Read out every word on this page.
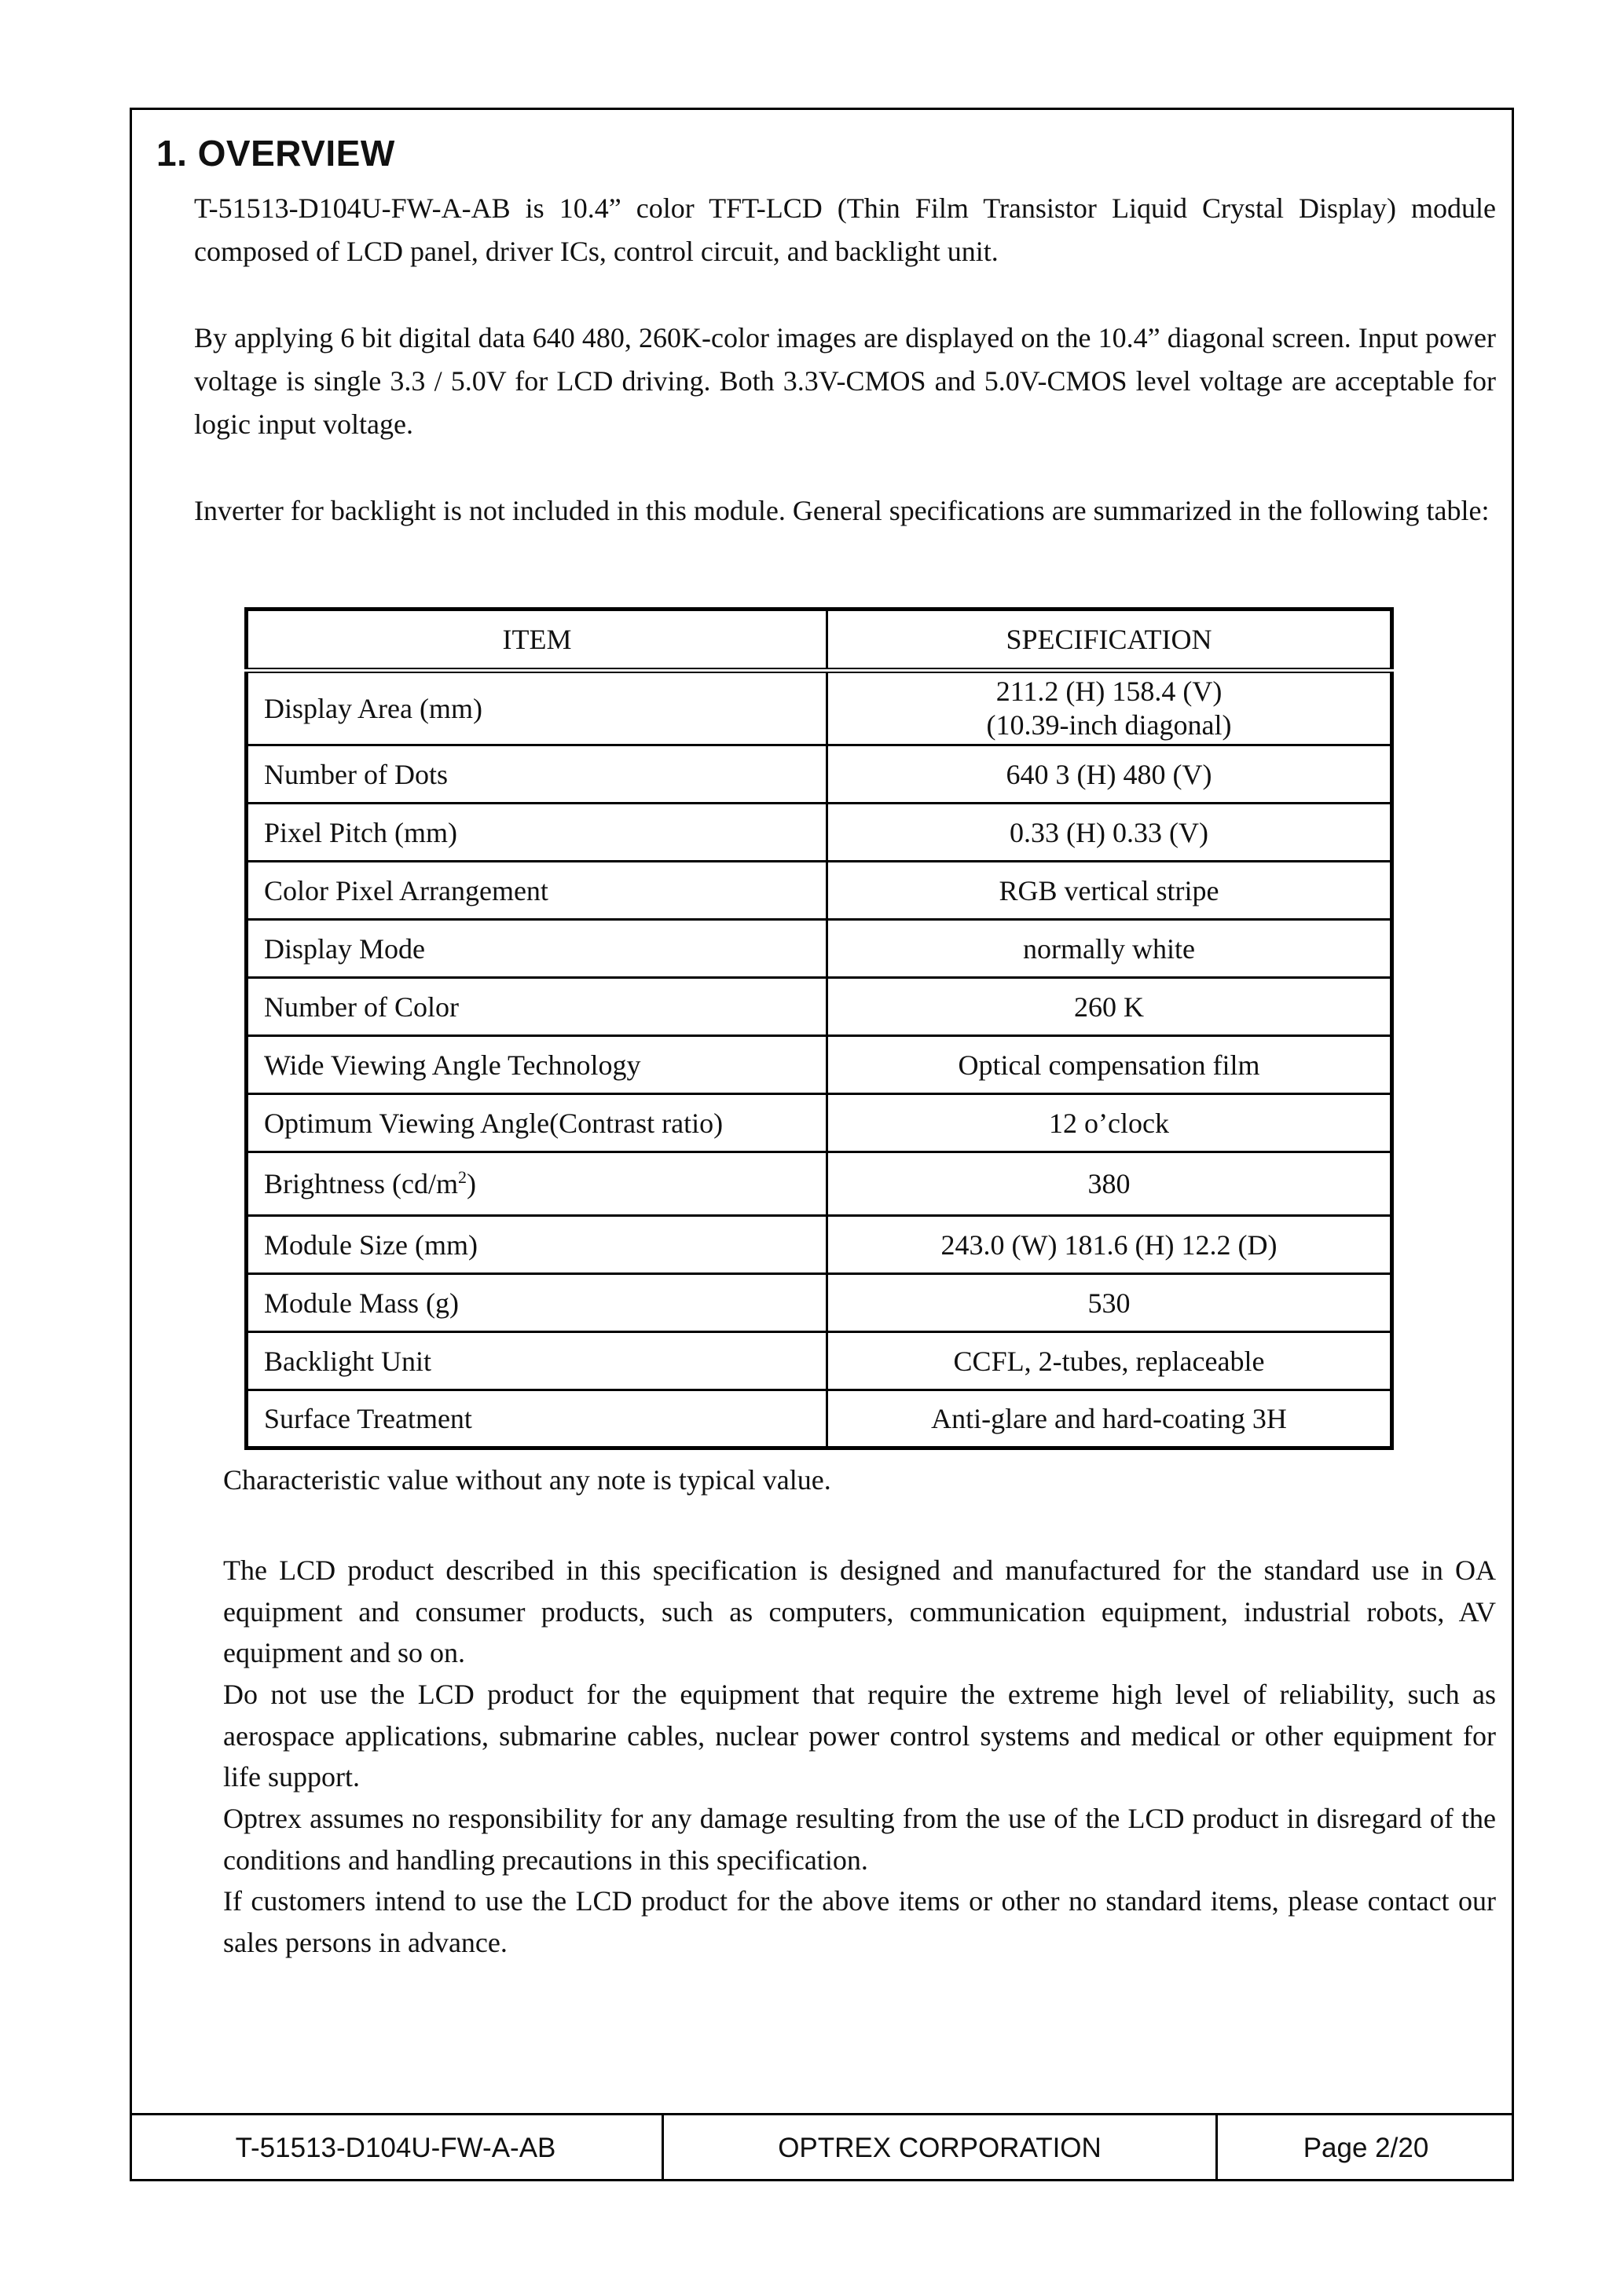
1. OVERVIEW

T-51513-D104U-FW-A-AB is 10.4” color TFT-LCD (Thin Film Transistor Liquid Crystal Display) module composed of LCD panel, driver ICs, control circuit, and backlight unit.

By applying 6 bit digital data 640 480, 260K-color images are displayed on the 10.4” diagonal screen. Input power voltage is single 3.3 / 5.0V for LCD driving. Both 3.3V-CMOS and 5.0V-CMOS level voltage are acceptable for logic input voltage.

Inverter for backlight is not included in this module. General specifications are summarized in the following table:

ITEM	SPECIFICATION
Display Area (mm)	211.2 (H) 158.4 (V)
(10.39-inch diagonal)

Number of Dots	640 3 (H) 480 (V)
Pixel Pitch (mm)	0.33 (H) 0.33 (V)
Color Pixel Arrangement	RGB vertical stripe
Display Mode	normally white
Number of Color	260 K
Wide Viewing Angle Technology	Optical compensation film
Optimum Viewing Angle(Contrast ratio)	12 o’clock
Brightness $(cd/m^2)$	380
Module Size (mm)	243.0 (W) 181.6 (H) 12.2 (D)
Module Mass (g)	530
Backlight Unit	CCFL, 2-tubes, replaceable
Surface Treatment	Anti-glare and hard-coating 3H

Characteristic value without any note is typical value.

The LCD product described in this specification is designed and manufactured for the standard use in OA equipment and consumer products, such as computers, communication equipment, industrial robots, AV equipment and so on.

Do not use the LCD product for the equipment that require the extreme high level of reliability, such as aerospace applications, submarine cables, nuclear power control systems and medical or other equipment for life support.

Optrex assumes no responsibility for any damage resulting from the use of the LCD product in disregard of the conditions and handling precautions in this specification.

If customers intend to use the LCD product for the above items or other no standard items, please contact our sales persons in advance.

T-51513-D104U-FW-A-AB	OPTREX CORPORATION	Page 2/20
